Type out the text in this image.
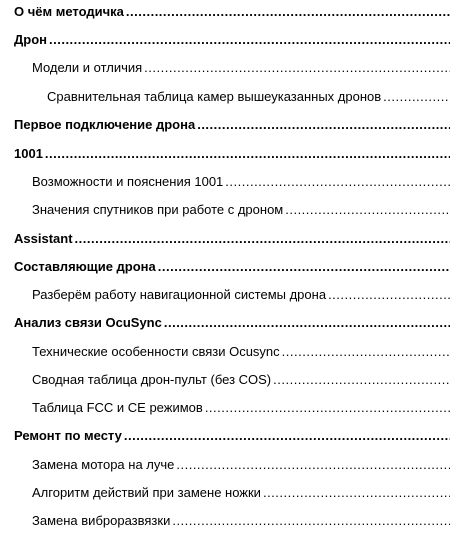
О чём методичка
.....
Дрон
.....
Модели и отличия
.....
Сравнительная таблица камер вышеуказанных дронов
.....
Первое подключение дрона
.....
1001
.....
Возможности и пояснения 1001
.....
Значения спутников при работе с дроном
.....
Assistant
.....
Составляющие дрона
.....
Разберём работу навигационной системы дрона
.....
Анализ связи OcuSync
.....
Технические особенности связи Ocusync
.....
Сводная таблица дрон-пульт (без COS)
.....
Таблица FCC и CE режимов
.....
Ремонт по месту
.....
Замена мотора на луче
.....
Алгоритм действий при замене ножки
.....
Замена виброразвязки
.....
